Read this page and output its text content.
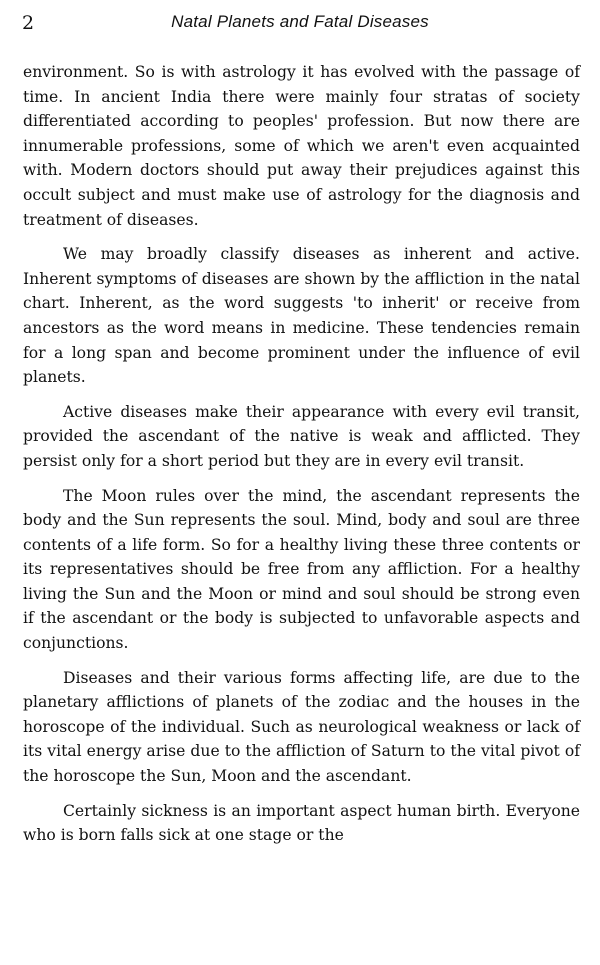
2	Natal Planets and Fatal Diseases

environment. So is with astrology it has evolved with the passage of time. In ancient India there were mainly four stratas of society differentiated according to peoples' profession. But now there are innumerable professions, some of which we aren't even acquainted with. Modern doctors should put away their prejudices against this occult subject and must make use of astrology for the diagnosis and treatment of diseases.

We may broadly classify diseases as inherent and active. Inherent symptoms of diseases are shown by the affliction in the natal chart. Inherent, as the word suggests 'to inherit' or receive from ancestors as the word means in medicine. These tendencies remain for a long span and become prominent under the influence of evil planets.

Active diseases make their appearance with every evil transit, provided the ascendant of the native is weak and afflicted. They persist only for a short period but they are in every evil transit.

The Moon rules over the mind, the ascendant represents the body and the Sun represents the soul. Mind, body and soul are three contents of a life form. So for a healthy living these three contents or its representatives should be free from any affliction. For a healthy living the Sun and the Moon or mind and soul should be strong even if the ascendant or the body is subjected to unfavorable aspects and conjunctions.

Diseases and their various forms affecting life, are due to the planetary afflictions of planets of the zodiac and the houses in the horoscope of the individual. Such as neurological weakness or lack of its vital energy arise due to the affliction of Saturn to the vital pivot of the horoscope the Sun, Moon and the ascendant.

Certainly sickness is an important aspect human birth. Everyone who is born falls sick at one stage or the
